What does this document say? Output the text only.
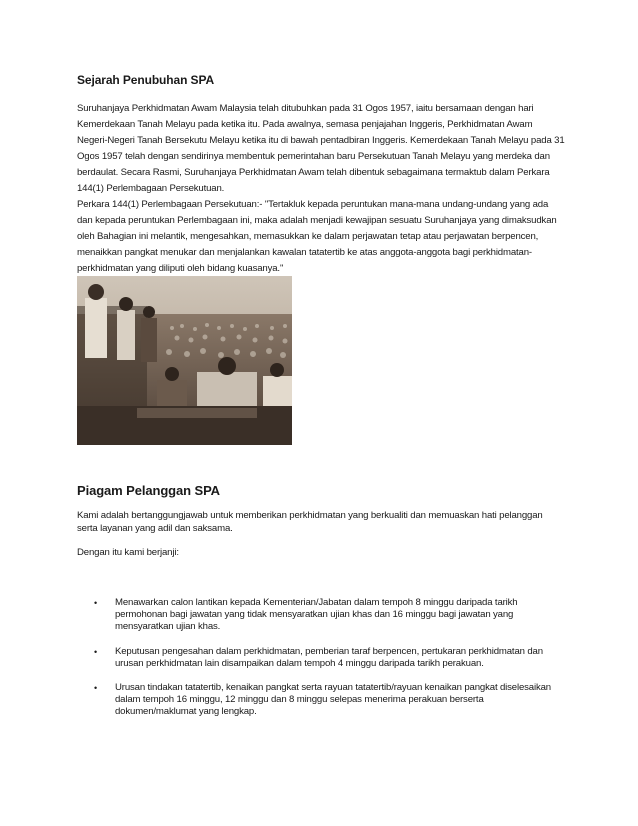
Sejarah Penubuhan SPA

Suruhanjaya Perkhidmatan Awam Malaysia telah ditubuhkan pada 31 Ogos 1957, iaitu bersamaan dengan hari Kemerdekaan Tanah Melayu pada ketika itu. Pada awalnya, semasa penjajahan Inggeris, Perkhidmatan Awam Negeri-Negeri Tanah Bersekutu Melayu ketika itu di bawah pentadbiran Inggeris. Kemerdekaan Tanah Melayu pada 31 Ogos 1957 telah dengan sendirinya membentuk pemerintahan baru Persekutuan Tanah Melayu yang merdeka dan berdaulat. Secara Rasmi, Suruhanjaya Perkhidmatan Awam telah dibentuk sebagaimana termaktub dalam Perkara 144(1) Perlembagaan Persekutuan.

Perkara 144(1) Perlembagaan Persekutuan:- "Tertakluk kepada peruntukan mana-mana undang-undang yang ada dan kepada peruntukan Perlembagaan ini, maka adalah menjadi kewajipan sesuatu Suruhanjaya yang dimaksudkan oleh Bahagian ini melantik, mengesahkan, memasukkan ke dalam perjawatan tetap atau perjawatan berpencen, menaikkan pangkat menukar dan menjalankan kawalan tatatertib ke atas anggota-anggota bagi perkhidmatan-perkhidmatan yang diliputi oleh bidang kuasanya."

Piagam Pelanggan SPA

Kami adalah bertanggungjawab untuk memberikan perkhidmatan yang berkualiti dan memuaskan hati pelanggan serta layanan yang adil dan saksama.

Dengan itu kami berjanji:

• Menawarkan calon lantikan kepada Kementerian/Jabatan dalam tempoh 8 minggu daripada tarikh permohonan bagi jawatan yang tidak mensyaratkan ujian khas dan 16 minggu bagi jawatan yang mensyaratkan ujian khas.
• Keputusan pengesahan dalam perkhidmatan, pemberian taraf berpencen, pertukaran perkhidmatan dan urusan perkhidmatan lain disampaikan dalam tempoh 4 minggu daripada tarikh perakuan.
• Urusan tindakan tatatertib, kenaikan pangkat serta rayuan tatatertib/rayuan kenaikan pangkat diselesaikan dalam tempoh 16 minggu, 12 minggu dan 8 minggu selepas menerima perakuan berserta dokumen/maklumat yang lengkap.
